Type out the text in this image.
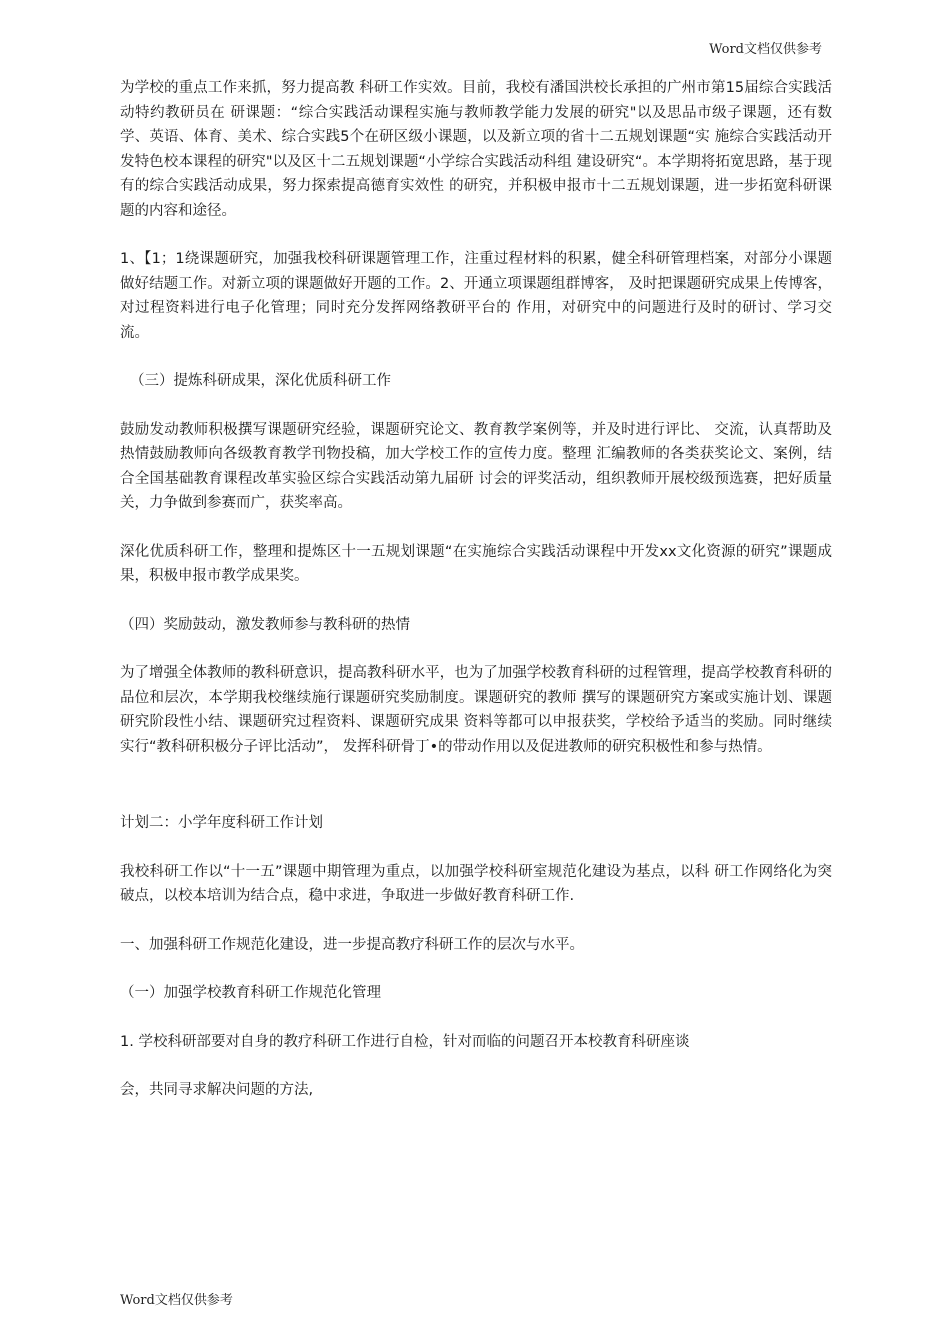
Word文档仅供参考

为学校的重点工作来抓，努力提高教 科研工作实效。目前，我校有潘国洪校长承担的广州市第15届综合实践活动特约教研员在 研课题：“综合实践活动课程实施与教师教学能力发展的研究"以及思品市级子课题，还有数 学、英语、体育、美术、综合实践5个在研区级小课题，以及新立项的省十二五规划课题“实 施综合实践活动开发特色校本课程的研究"以及区十二五规划课题“小学综合实践活动科组 建设研究“。本学期将拓宽思路，基于现有的综合实践活动成果，努力探索提高德育实效性 的研究，并积极申报市十二五规划课题，进一步拓宽科研课题的内容和途径。

1、【1；1绕课题研究，加强我校科研课题管理工作，注重过程材料的积累，健全科研管理档案，对部分小课题做好结题工作。对新立项的课题做好开题的工作。2、开通立项课题组群博客， 及时把课题研究成果上传博客，对过程资料进行电子化管理；同时充分发挥网络教研平台的 作用，对研究中的问题进行及时的研讨、学习交流。

（三）提炼科研成果，深化优质科研工作

鼓励发动教师积极撰写课题研究经验，课题研究论文、教育教学案例等，并及时进行评比、 交流，认真帮助及热情鼓励教师向各级教育教学刊物投稿，加大学校工作的宣传力度。整理 汇编教师的各类获奖论文、案例，结合全国基础教育课程改革实验区综合实践活动第九届研 讨会的评奖活动，组织教师开展校级预选赛，把好质量关，力争做到参赛而广，获奖率高。

深化优质科研工作，整理和提炼区十一五规划课题“在实施综合实践活动课程中开发xx文化资源的研究”课题成果，积极申报市教学成果奖。

（四）奖励鼓动，激发教师参与教科研的热情

为了增强全体教师的教科研意识，提高教科研水平，也为了加强学校教育科研的过程管理，提高学校教育科研的品位和层次，本学期我校继续施行课题研究奖励制度。课题研究的教师 撰写的课题研究方案或实施计划、课题研究阶段性小结、课题研究过程资料、课题研究成果 资料等都可以申报获奖，学校给予适当的奖励。同时继续实行“教科研积极分子评比活动”， 发挥科研骨丁•的带动作用以及促进教师的研究积极性和参与热情。

计划二：小学年度科研工作计划

我校科研工作以“十一五”课题中期管理为重点，以加强学校科研室规范化建设为基点，以科 研工作网络化为突破点，以校本培训为结合点，稳中求进，争取进一步做好教育科研工作.

一、加强科研工作规范化建设，进一步提高教疗科研工作的层次与水平。

（一）加强学校教育科研工作规范化管理

1. 学校科研部要对自身的教疗科研工作进行自检，针对而临的问题召开本校教育科研座谈

会，共同寻求解决问题的方法,

Word文档仅供参考
